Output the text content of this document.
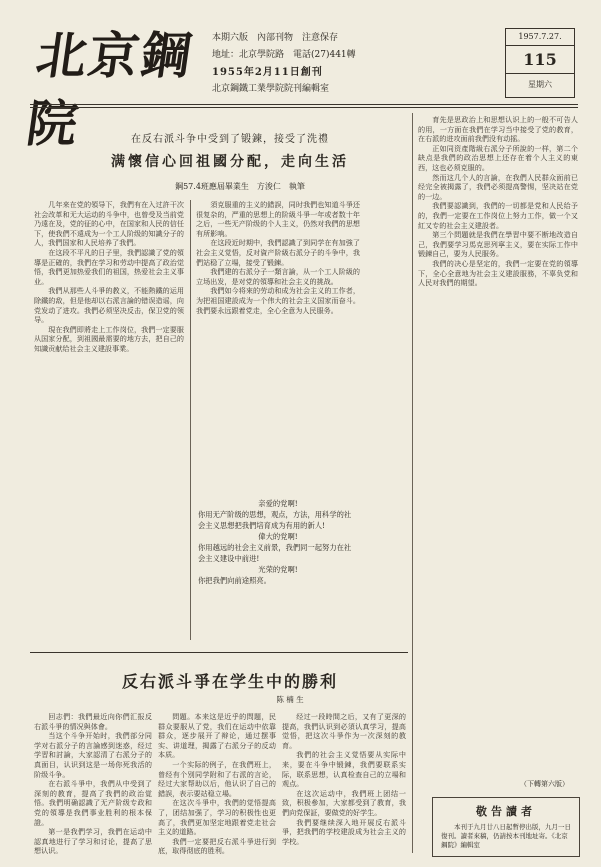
北京鋼院
本期六版　內部刊物　注意保存
地址：北京學院路　電話(27)441轉
1955年2月11日創刊
北京鋼鐵工業學院院刊編輯室
1957.7.27.
115
星期六
在反右派斗争中受到了锻鍊，接受了洗禮
满懷信心回祖國分配，走向生活
鋼57.4班應屆畢業生　方浚仁　執筆

几年来在党的領导下，我們有在入过許干次社会改革和无大运动的斗争中，也曾受及当前党乃遠在及，党的征的心中，在国家和人民的信任下，使我們不遠成为一个工人阶级的知識分子的人，我們国家和人民培养了我們。

在这段不平凡的日子里，我們認識了党的領導是正確的，我們在学习和劳动中提高了政治觉悟，我們更加热爱我们的祖国，热爱社会主义事业。

我們从那些人斗爭的教义，不能熱鐵的运用除鐵的敌，但是他却以右派言論的错误造谣，向党发动了进攻。我們必须坚决反击，保卫党的领导。

現在我們即將走上工作岗位，我們一定要服从国家分配，到祖國最需要的地方去，把自己的知識贡献给社会主义建設事業。

須克服重的主义的錯誤，同时我們也知道斗爭还很复杂的，严重的思想上的阶級斗爭一年或者数十年之后，一些无产阶级的个人主义，仍然对我們的思想有所影响。

在这段近时期中，我們認識了到同学在有加強了社会主义觉悟，反对資产阶級右派分子的斗争中，我們站稳了立場，接受了锻鍊。

我們建的右派分子一類言論，从一个工人阶級的立场出发，是对党的領導和社会主义的挑战。

我們如今将來的劳动和成为社会主义的工作者，为把祖国建設成为一个伟大的社会主义国家而奋斗。我們要永远跟着党走，全心全意为人民服务。

亲爱的党啊!
你用无产阶级的思想，观点，方法，用科学的社会主义思想把我們培育成为有用的新人!
偉大的党啊!
你用越远的社会主义前景，我們同一起努力在社会主义建设中前进!
光荣的党啊!
你把我們向前途照亮。

育先是思政治上和思想认识上的一般不可告人的用，一方面在我們在学习当中接受了党的教育，在右派的进攻面前我們没有动摇。

正如同资產階級右派分子所說的一样，第二个缺点是我們的政治思想上还存在着个人主义的東西，这也必须克服的。

然而这几个人的言論，在我們人民群众面前已经完全被揭露了，我們必须提高警惕，坚决站在党的一边。

我們要認識到，我們的一切都是党和人民给予的，我們一定要在工作岗位上努力工作，做一个又紅又专的社会主义建設者。

第三个問題就是我們在學習中要不断地改造自己，我們要学习馬克思列寧主义，要在实际工作中锻鍊自己，要为人民服务。

我們的决心是坚定的，我們一定要在党的領導下，全心全意地为社会主义建設服務，不辜负党和人民对我們的期望。

反右派斗爭在学生中的勝利
陈 楠 生

回志們：我們最近向你們汇报反右派斗爭的情况與体會。

当这个斗争开始时，我們部分同学对右派分子的言論感到迷惑，经过学習和討論，大家認清了右派分子的真面目，认识到这是一场你死我活的阶级斗争。

在右派斗爭中，我們从中受到了深刻的教育，提高了我們的政治覚悟。我們明确認識了无产阶级专政和党的領導是我們事业胜利的根本保證。

第一是我們学习，我們在运动中認真地进行了学习和讨论，提高了思想认识。

問題。本来这是近乎的問題，民群众要服从了党，我们在运动中依靠群众，逐步展开了辩论，通过摆事实、讲道理，揭露了右派分子的反动本质。

一个实际的例子，在我們班上，曾经有个別同学附和了右派的言论，经过大家帮助以后，他认识了自己的錯誤，表示要站稳立場。

在这次斗爭中，我們的觉悟提高了，团结加强了，学习的积极性也更高了，我們更加坚定地跟着党走社会主义的道路。

我們一定要把反右派斗爭进行到底，取得彻底的胜利。

经过一段時間之后，又有了更深的提高，我們认识到必須认真学习，提高觉悟，把这次斗爭作为一次深刻的教育。

我們的社会主义觉悟要从实际中来，要在斗争中锻鍊，我們要联系实际，联系思想，认真检查自己的立場和观点。

在这次运动中，我們班上团结一致，积极參加，大家都受到了教育，我們向党保証，要做党的好学生。

我們要继续深入地开展反右派斗爭，把我們的学校建設成为社会主义的学校。

（下轉第六版）
敬告讀者
本刊于九月廿八日起暫停出版，九月一日復刊。讀者來稿，仍請按本刊地址寄。《北京鋼院》編輯室
